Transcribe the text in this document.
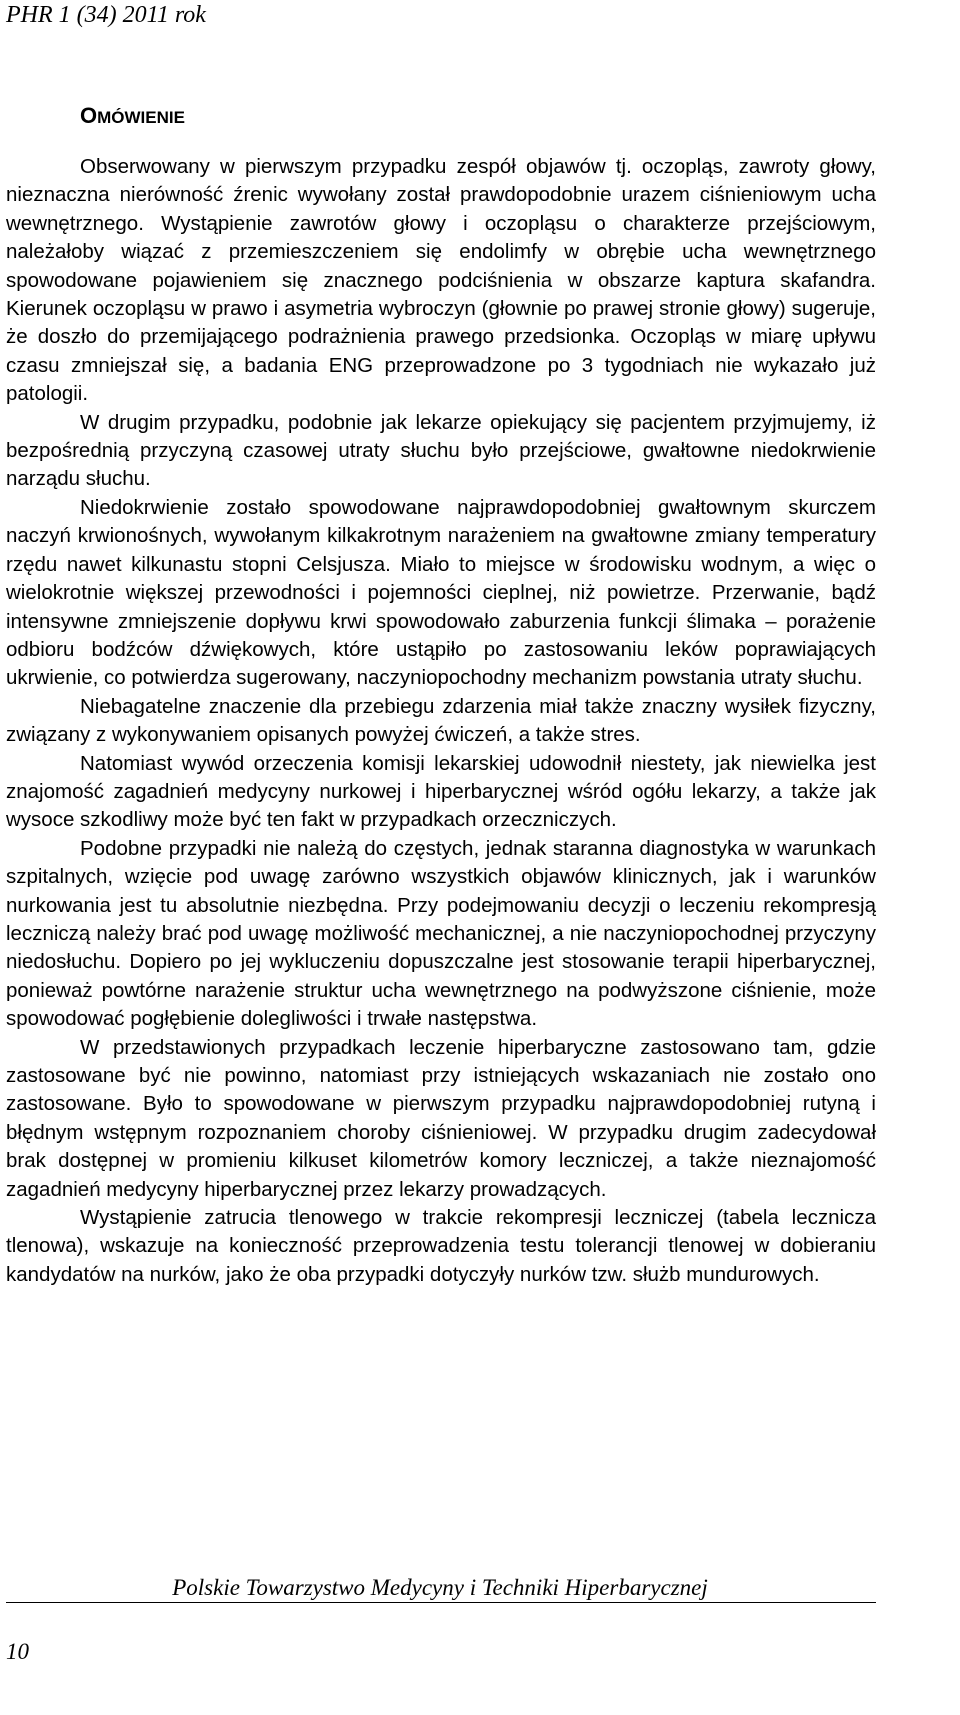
PHR 1 (34) 2011 rok
OMÓWIENIE

Obserwowany w pierwszym przypadku zespół objawów tj. oczopląs, zawroty głowy, nieznaczna nierówność źrenic wywołany został prawdopodobnie urazem ciśnieniowym ucha wewnętrznego. Wystąpienie zawrotów głowy i oczopląsu o charakterze przejściowym, należałoby wiązać z przemieszczeniem się endolimfy w obrębie ucha wewnętrznego spowodowane pojawieniem się znacznego podciśnienia w obszarze kaptura skafandra. Kierunek oczopląsu w prawo i asymetria wybroczyn (głownie po prawej stronie głowy) sugeruje, że doszło do przemijającego podrażnienia prawego przedsionka. Oczopląs w miarę upływu czasu zmniejszał się, a badania ENG przeprowadzone po 3 tygodniach nie wykazało już patologii.

W drugim przypadku, podobnie jak lekarze opiekujący się pacjentem przyjmujemy, iż bezpośrednią przyczyną czasowej utraty słuchu było przejściowe, gwałtowne niedokrwienie narządu słuchu.

Niedokrwienie zostało spowodowane najprawdopodobniej gwałtownym skurczem naczyń krwionośnych, wywołanym kilkakrotnym narażeniem na gwałtowne zmiany temperatury rzędu nawet kilkunastu stopni Celsjusza. Miało to miejsce w środowisku wodnym, a więc o wielokrotnie większej przewodności i pojemności cieplnej, niż powietrze. Przerwanie, bądź intensywne zmniejszenie dopływu krwi spowodowało zaburzenia funkcji ślimaka – porażenie odbioru bodźców dźwiękowych, które ustąpiło po zastosowaniu leków poprawiających ukrwienie, co potwierdza sugerowany, naczyniopochodny mechanizm powstania utraty słuchu.

Niebagatelne znaczenie dla przebiegu zdarzenia miał także znaczny wysiłek fizyczny, związany z wykonywaniem opisanych powyżej ćwiczeń, a także stres.

Natomiast wywód orzeczenia komisji lekarskiej udowodnił niestety, jak niewielka jest znajomość zagadnień medycyny nurkowej i hiperbarycznej wśród ogółu lekarzy, a także jak wysoce szkodliwy może być ten fakt w przypadkach orzeczniczych.

Podobne przypadki nie należą do częstych, jednak staranna diagnostyka w warunkach szpitalnych, wzięcie pod uwagę zarówno wszystkich objawów klinicznych, jak i warunków nurkowania jest tu absolutnie niezbędna. Przy podejmowaniu decyzji o leczeniu rekompresją leczniczą należy brać pod uwagę możliwość mechanicznej, a nie naczyniopochodnej przyczyny niedosłuchu. Dopiero po jej wykluczeniu dopuszczalne jest stosowanie terapii hiperbarycznej, ponieważ powtórne narażenie struktur ucha wewnętrznego na podwyższone ciśnienie, może spowodować pogłębienie dolegliwości i trwałe następstwa.

W przedstawionych przypadkach leczenie hiperbaryczne zastosowano tam, gdzie zastosowane być nie powinno, natomiast przy istniejących wskazaniach nie zostało ono zastosowane. Było to spowodowane w pierwszym przypadku najprawdopodobniej rutyną i błędnym wstępnym rozpoznaniem choroby ciśnieniowej. W przypadku drugim zadecydował brak dostępnej w promieniu kilkuset kilometrów komory leczniczej, a także nieznajomość zagadnień medycyny hiperbarycznej przez lekarzy prowadzących.

Wystąpienie zatrucia tlenowego w trakcie rekompresji leczniczej (tabela lecznicza tlenowa), wskazuje na konieczność przeprowadzenia testu tolerancji tlenowej w dobieraniu kandydatów na nurków, jako że oba przypadki dotyczyły nurków tzw. służb mundurowych.

Polskie Towarzystwo Medycyny i Techniki Hiperbarycznej
10
